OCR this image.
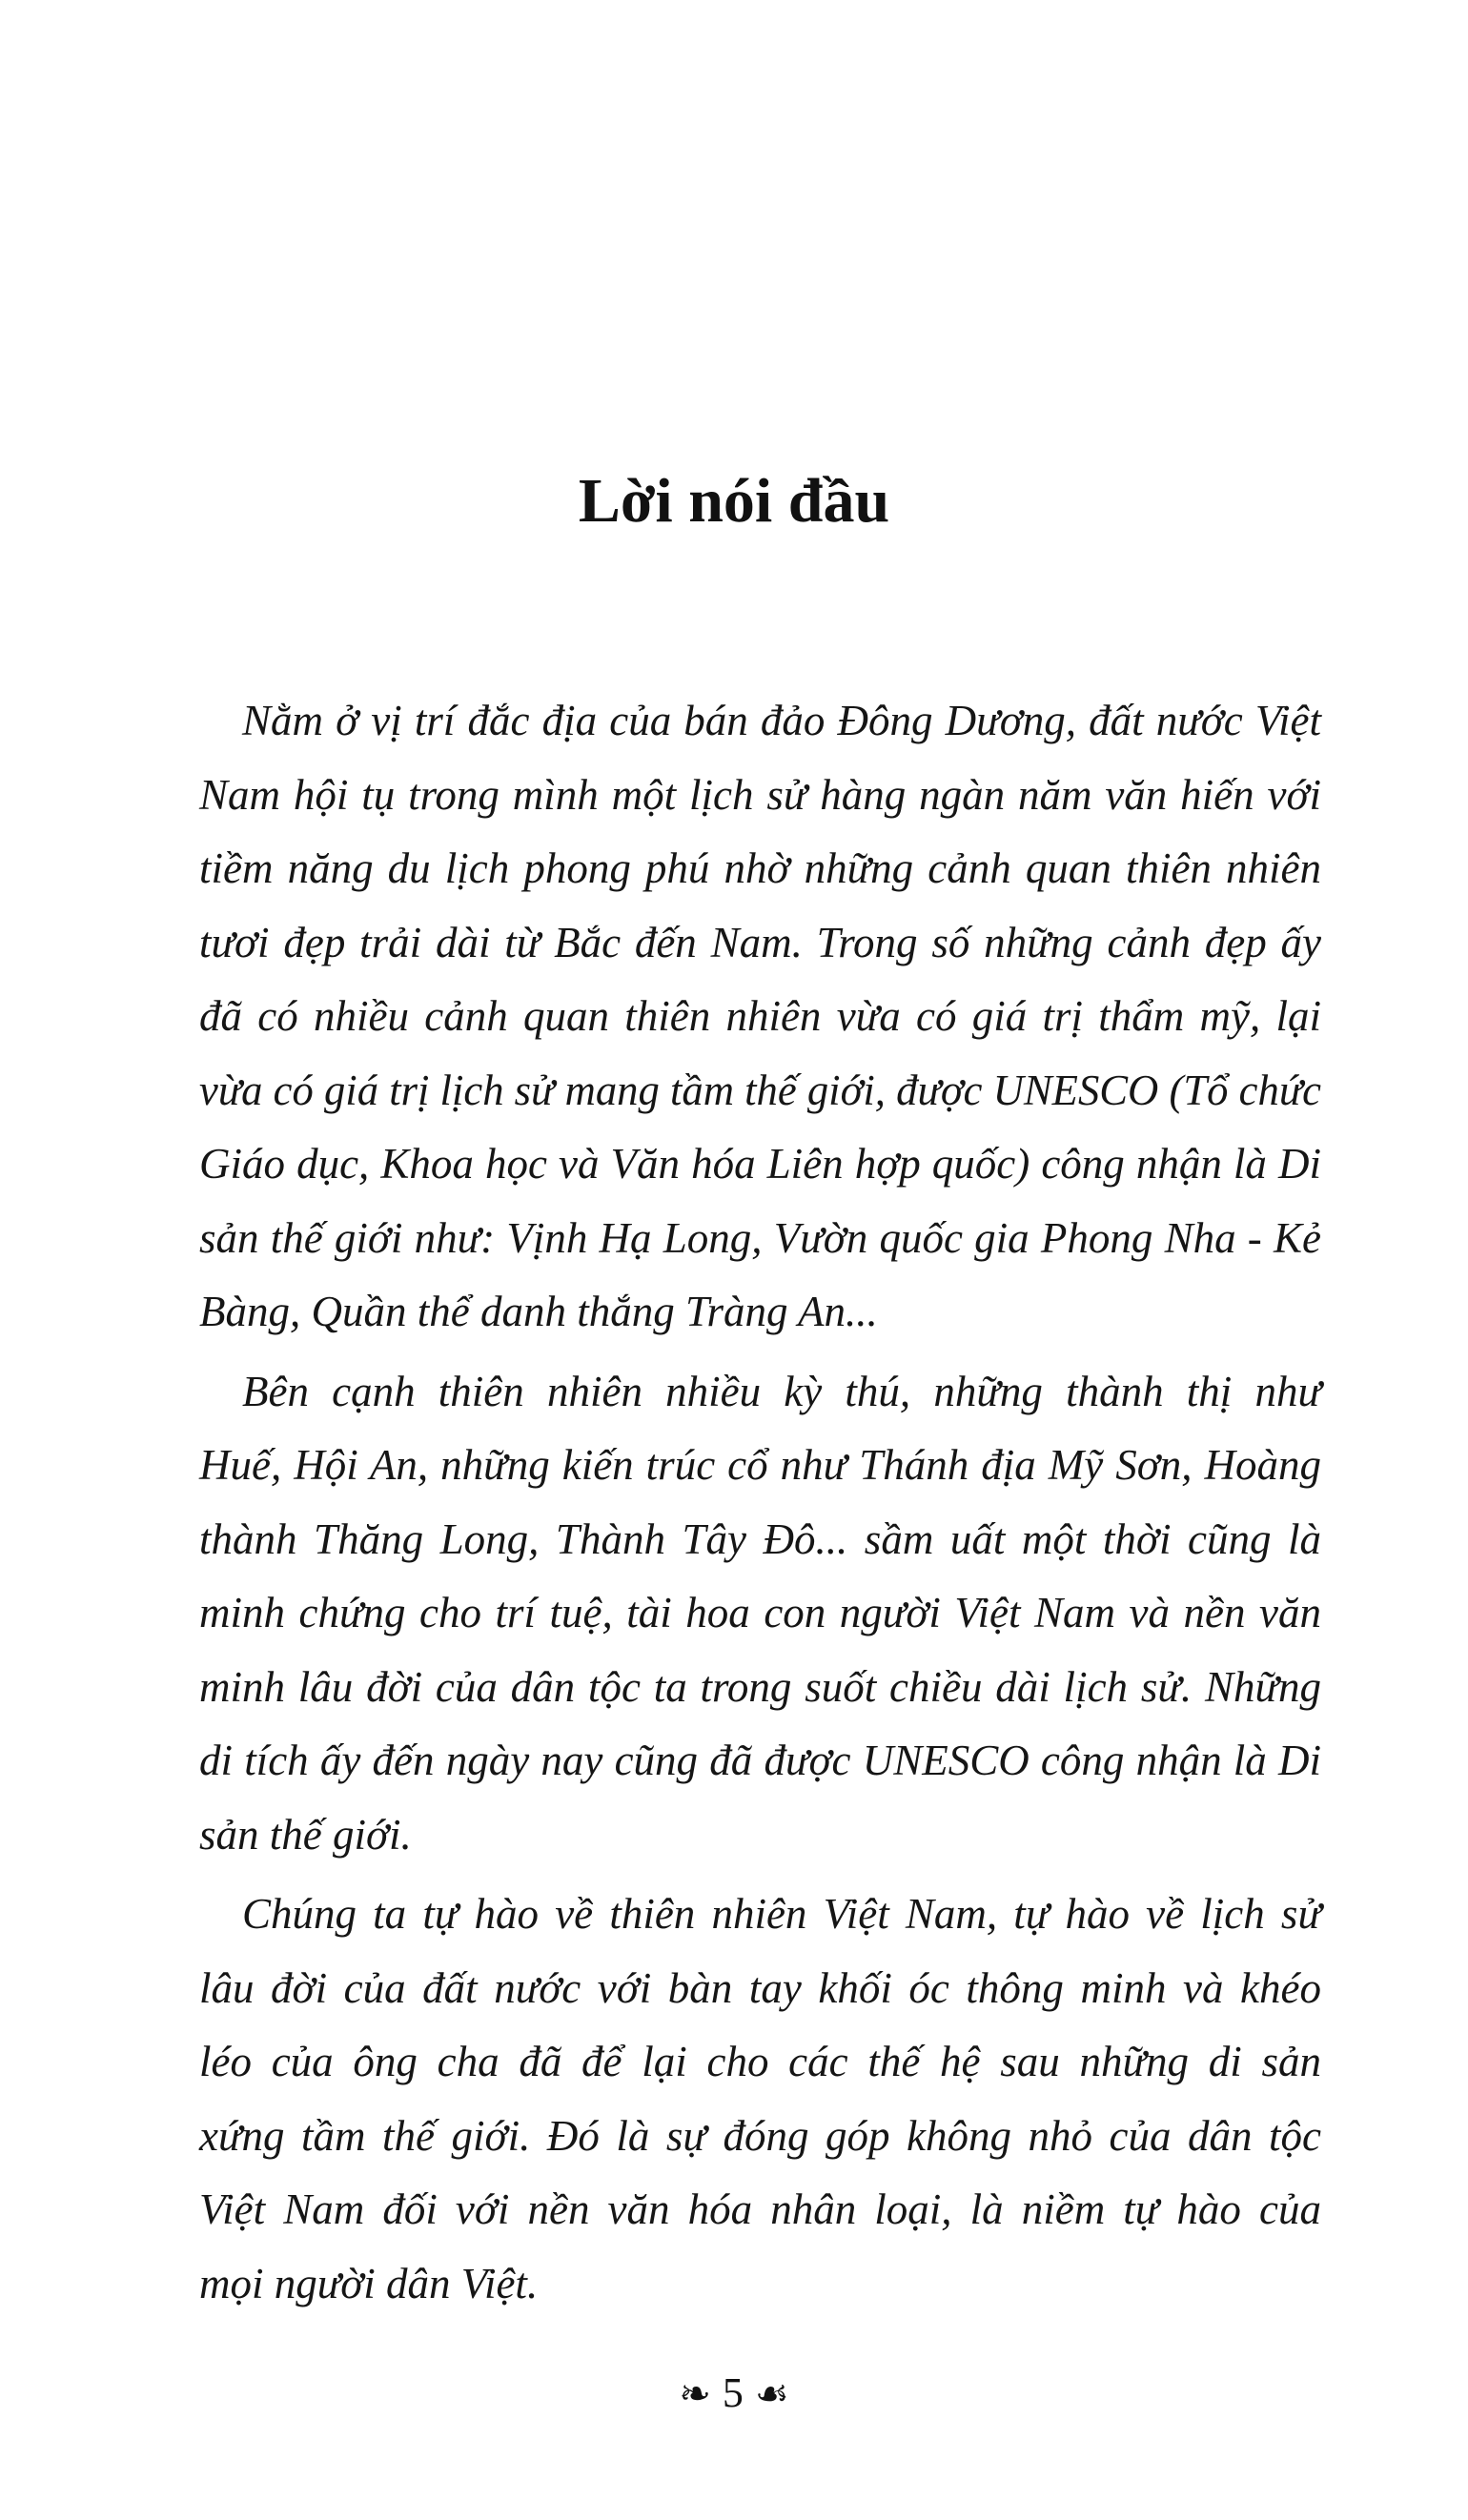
Lời nói đầu
Nằm ở vị trí đắc địa của bán đảo Đông Dương, đất nước Việt
Nam hội tụ trong mình một lịch sử hàng ngàn năm văn hiến với
tiềm năng du lịch phong phú nhờ những cảnh quan thiên nhiên
tươi đẹp trải dài từ Bắc đến Nam. Trong số những cảnh đẹp ấy
đã có nhiều cảnh quan thiên nhiên vừa có giá trị thẩm mỹ, lại
vừa có giá trị lịch sử mang tầm thế giới, được UNESCO (Tổ chức
Giáo dục, Khoa học và Văn hóa Liên hợp quốc) công nhận là Di
sản thế giới như: Vịnh Hạ Long, Vườn quốc gia Phong Nha - Kẻ
Bàng, Quần thể danh thắng Tràng An...
Bên cạnh thiên nhiên nhiều kỳ thú, những thành thị như
Huế, Hội An, những kiến trúc cổ như Thánh địa Mỹ Sơn, Hoàng
thành Thăng Long, Thành Tây Đô... sầm uất một thời cũng là
minh chứng cho trí tuệ, tài hoa con người Việt Nam và nền văn
minh lâu đời của dân tộc ta trong suốt chiều dài lịch sử. Những
di tích ấy đến ngày nay cũng đã được UNESCO công nhận là Di
sản thế giới.
Chúng ta tự hào về thiên nhiên Việt Nam, tự hào về lịch sử
lâu đời của đất nước với bàn tay khối óc thông minh và khéo
léo của ông cha đã để lại cho các thế hệ sau những di sản
xứng tầm thế giới. Đó là sự đóng góp không nhỏ của dân tộc
Việt Nam đối với nền văn hóa nhân loại, là niềm tự hào của
mọi người dân Việt.
❧ 5 ☙
